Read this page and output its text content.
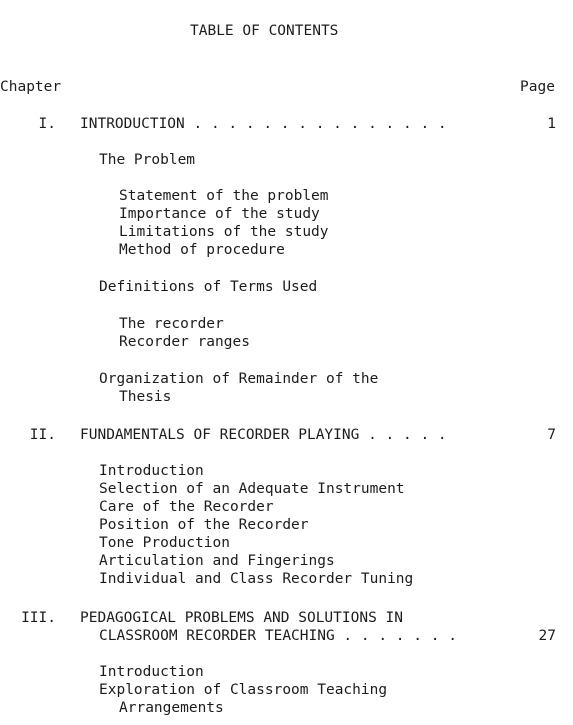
TABLE OF CONTENTS
Chapter	Page
I. INTRODUCTION . . . . . . . . . . . . . . .	1
The Problem
Statement of the problem
Importance of the study
Limitations of the study
Method of procedure
Definitions of Terms Used
The recorder
Recorder ranges
Organization of Remainder of the
Thesis
II. FUNDAMENTALS OF RECORDER PLAYING . . . . .	7
Introduction
Selection of an Adequate Instrument
Care of the Recorder
Position of the Recorder
Tone Production
Articulation and Fingerings
Individual and Class Recorder Tuning
III. PEDAGOGICAL PROBLEMS AND SOLUTIONS IN
CLASSROOM RECORDER TEACHING . . . . . . .	27
Introduction
Exploration of Classroom Teaching
Arrangements
